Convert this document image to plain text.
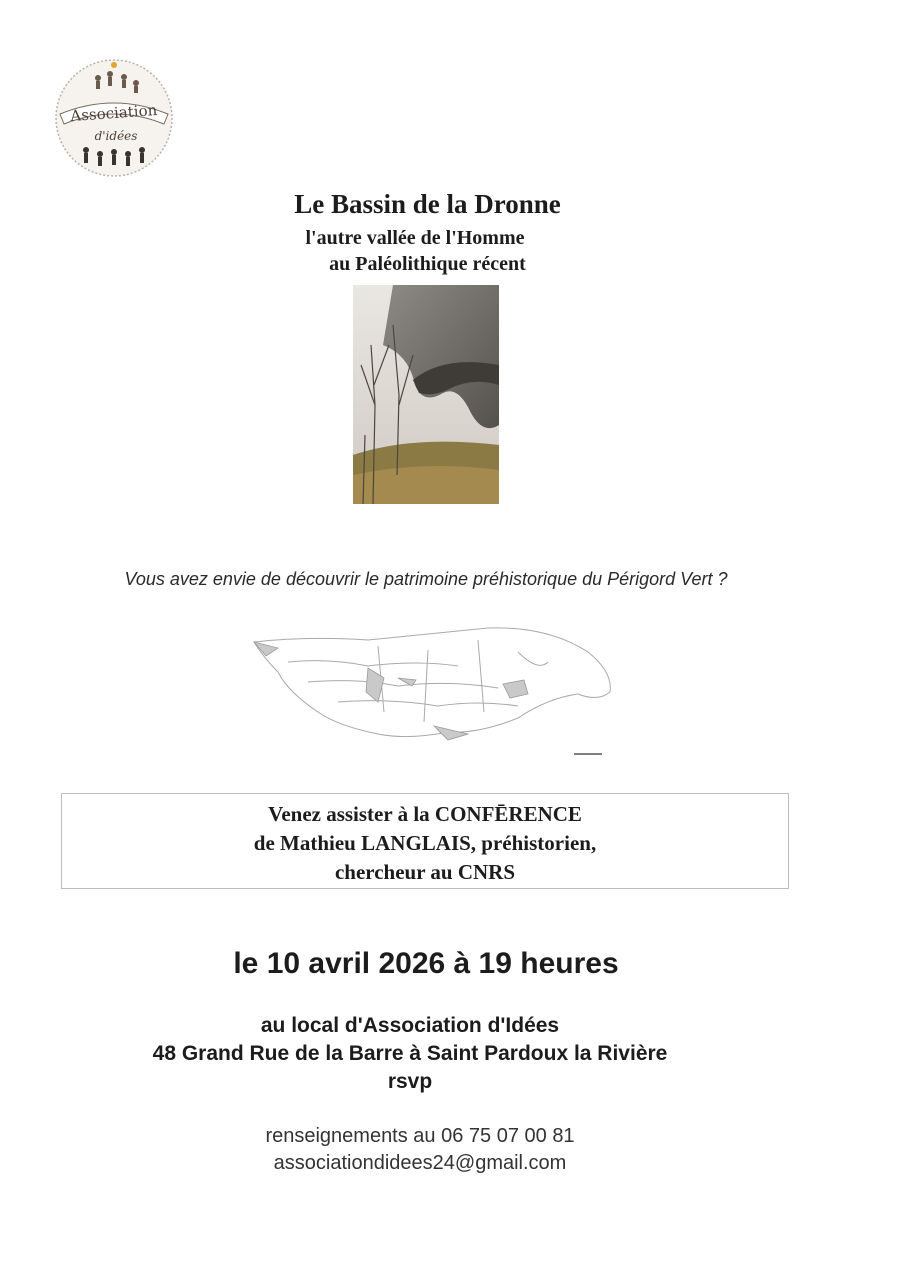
Association
d'idées
Le Bassin de la Dronne
l'autre vallée de l'Homme
au Paléolithique récent
Vous avez envie de découvrir le patrimoine préhistorique du Périgord Vert ?
Venez assister à la CONFĒRENCE
de Mathieu LANGLAIS, préhistorien,
chercheur au CNRS
le 10 avril 2026 à 19 heures
au local d'Association d'Idées
48 Grand Rue de la Barre à Saint Pardoux la Rivière
rsvp
renseignements au 06 75 07 00 81
associationdidees24@gmail.com
